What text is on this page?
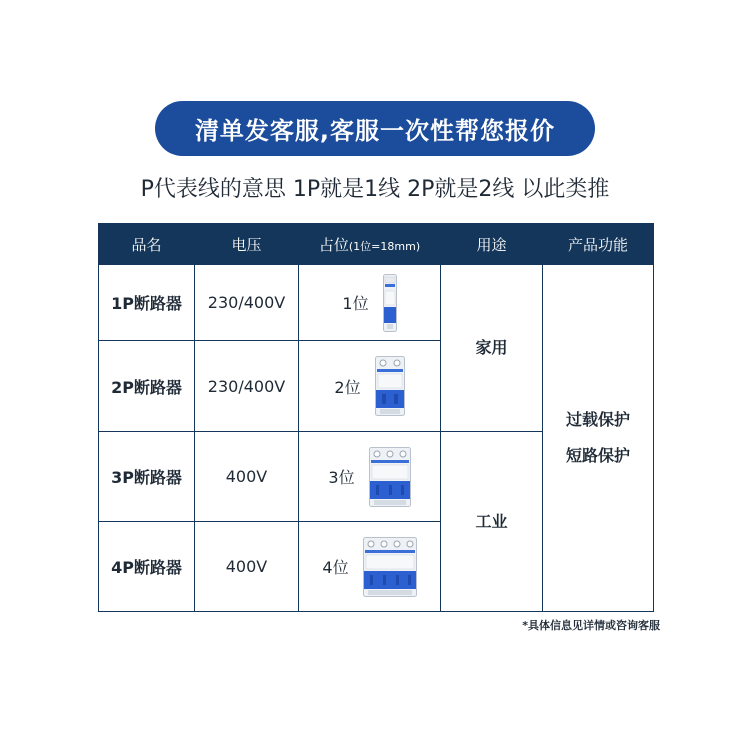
清单发客服,客服一次性帮您报价
P代表线的意思 1P就是1线 2P就是2线 以此类推
品名	电压	占位(1位=18mm)	用途	产品功能
1P断路器	230/400V	1位	家用	过载保护
短路保护

2P断路器	230/400V	2位		

3P断路器	400V	3位	工业	
4P断路器	400V	4位		
*具体信息见详情或咨询客服
